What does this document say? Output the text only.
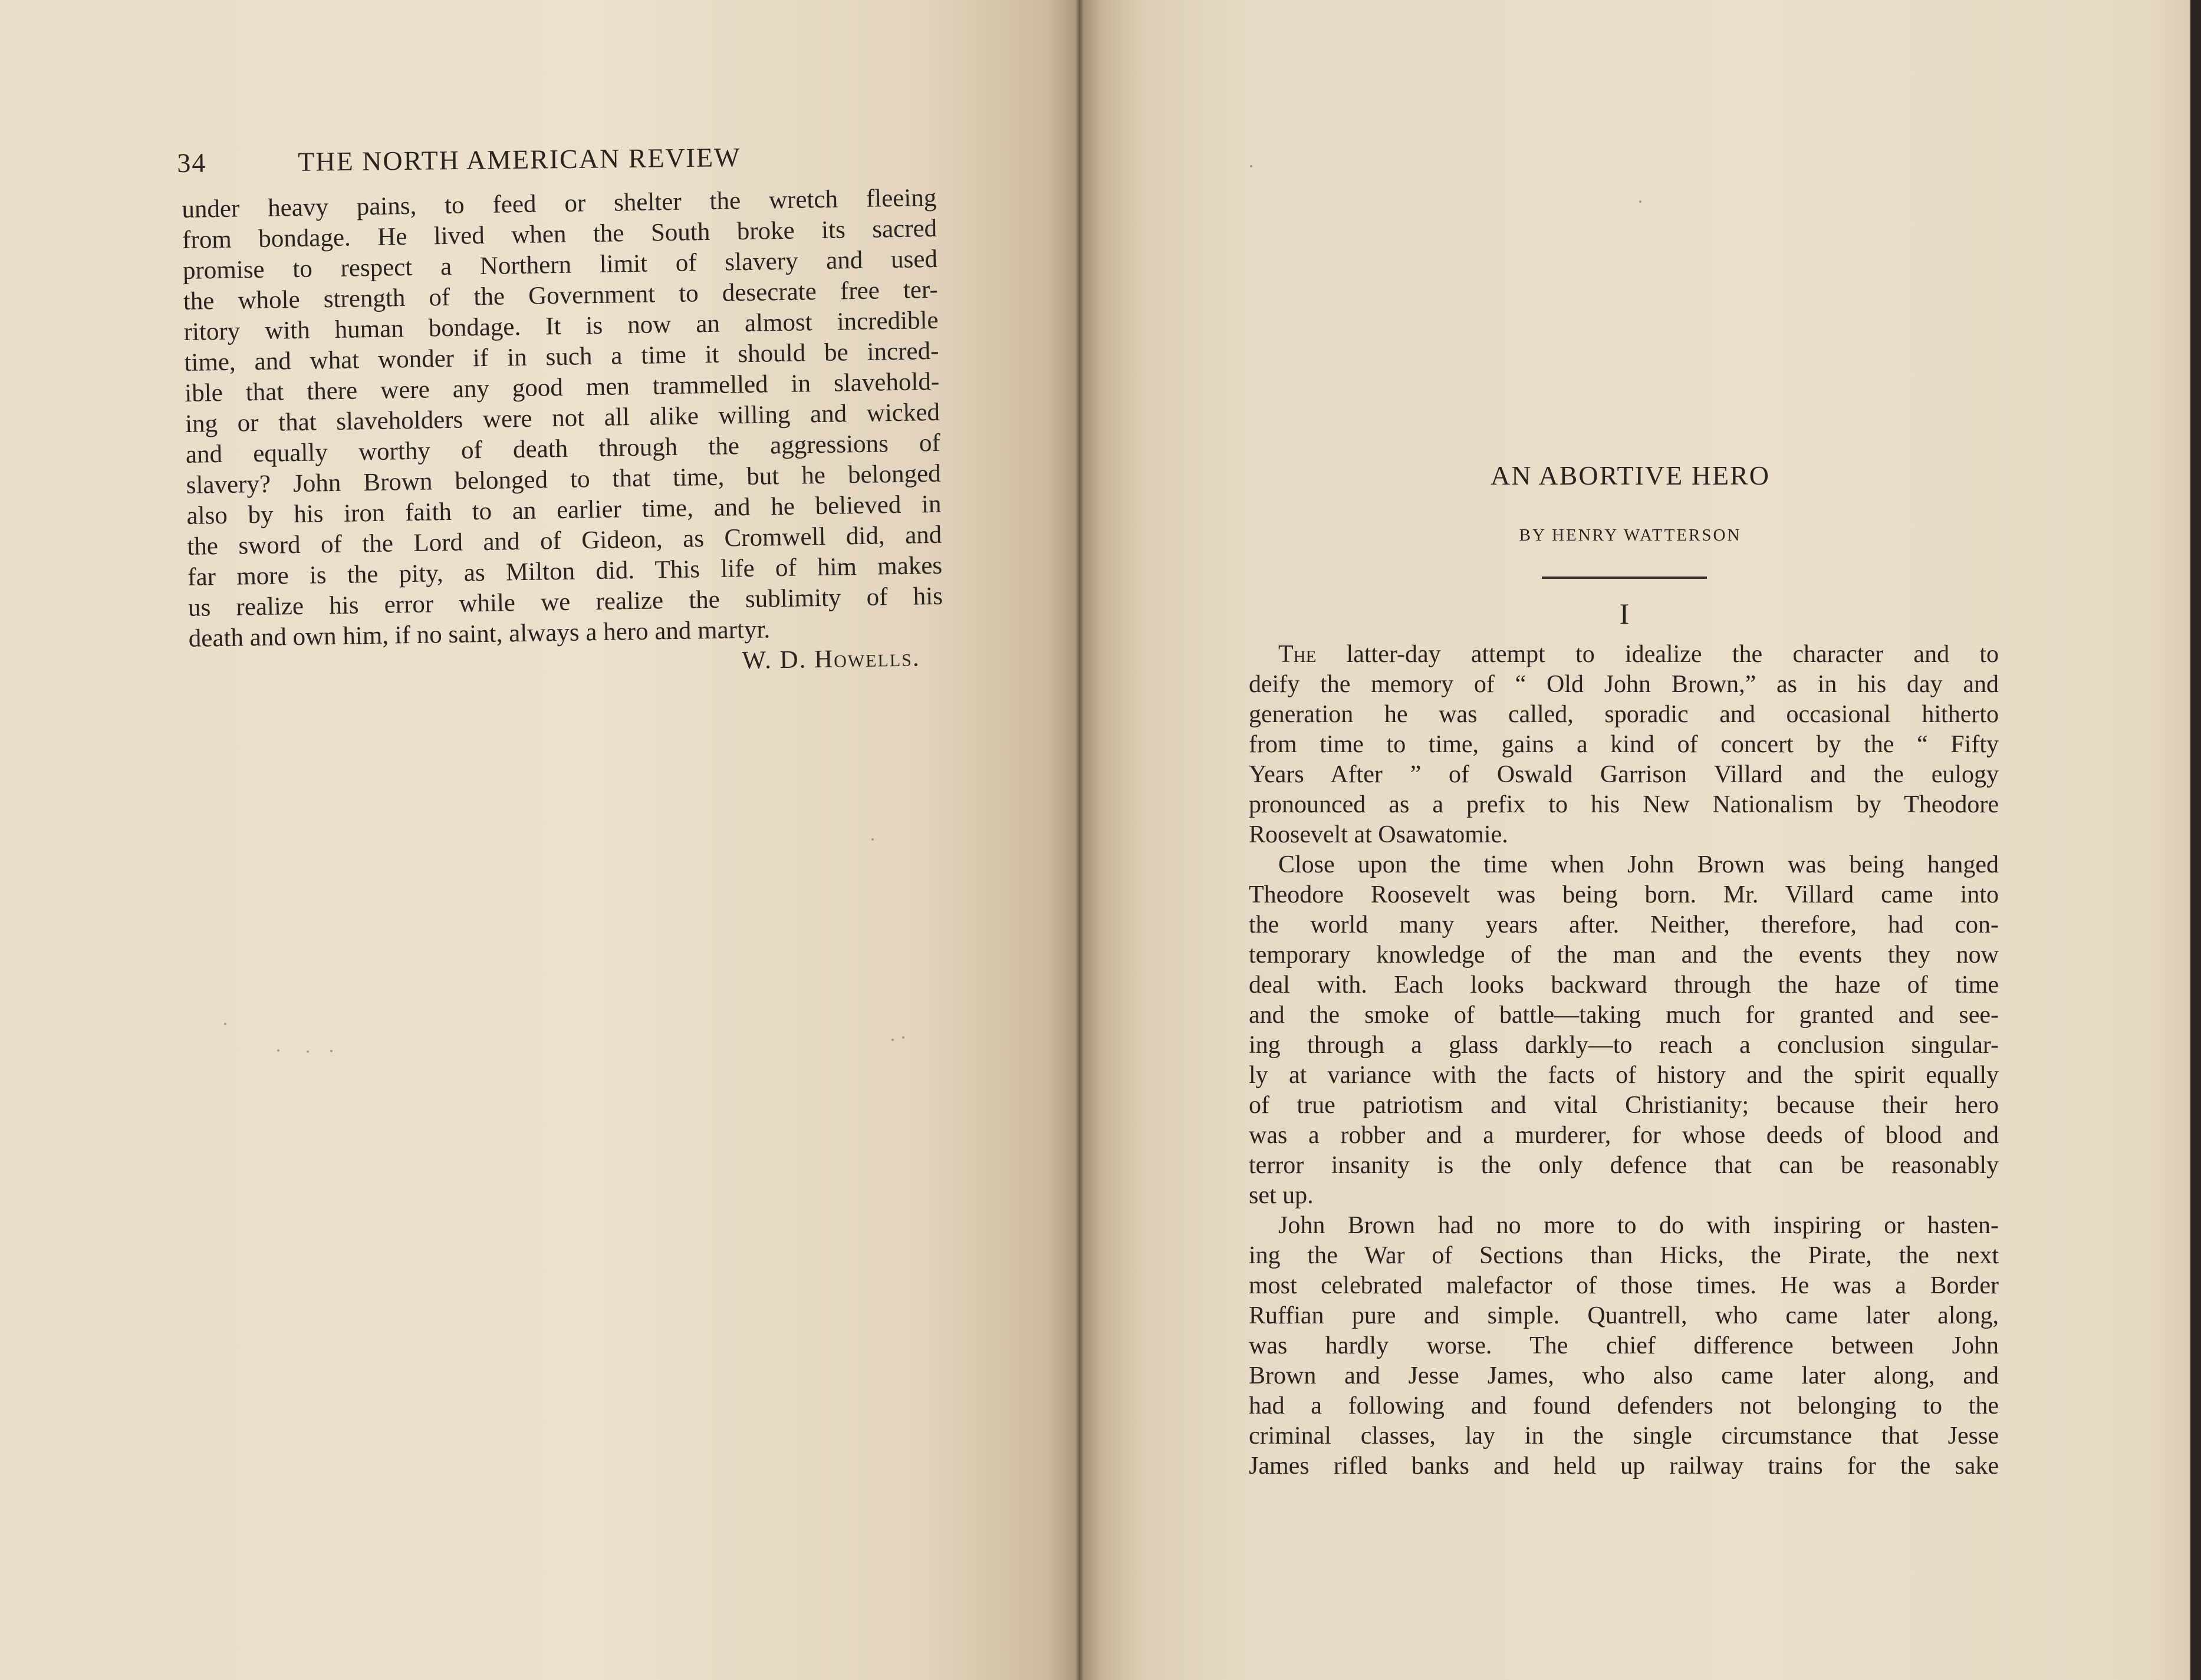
34	THE NORTH AMERICAN REVIEW
under heavy pains, to feed or shelter the wretch fleeing
from bondage. He lived when the South broke its sacred
promise to respect a Northern limit of slavery and used
the whole strength of the Government to desecrate free ter-
ritory with human bondage. It is now an almost incredible
time, and what wonder if in such a time it should be incred-
ible that there were any good men trammelled in slavehold-
ing or that slaveholders were not all alike willing and wicked
and equally worthy of death through the aggressions of
slavery? John Brown belonged to that time, but he belonged
also by his iron faith to an earlier time, and he believed in
the sword of the Lord and of Gideon, as Cromwell did, and
far more is the pity, as Milton did. This life of him makes
us realize his error while we realize the sublimity of his
death and own him, if no saint, always a hero and martyr.
W. D. Howells.
AN ABORTIVE HERO
BY HENRY WATTERSON
I
The latter-day attempt to idealize the character and to
deify the memory of “ Old John Brown,” as in his day and
generation he was called, sporadic and occasional hitherto
from time to time, gains a kind of concert by the “ Fifty
Years After ” of Oswald Garrison Villard and the eulogy
pronounced as a prefix to his New Nationalism by Theodore
Roosevelt at Osawatomie.
Close upon the time when John Brown was being hanged
Theodore Roosevelt was being born. Mr. Villard came into
the world many years after. Neither, therefore, had con-
temporary knowledge of the man and the events they now
deal with. Each looks backward through the haze of time
and the smoke of battle—taking much for granted and see-
ing through a glass darkly—to reach a conclusion singular-
ly at variance with the facts of history and the spirit equally
of true patriotism and vital Christianity; because their hero
was a robber and a murderer, for whose deeds of blood and
terror insanity is the only defence that can be reasonably
set up.
John Brown had no more to do with inspiring or hasten-
ing the War of Sections than Hicks, the Pirate, the next
most celebrated malefactor of those times. He was a Border
Ruffian pure and simple. Quantrell, who came later along,
was hardly worse. The chief difference between John
Brown and Jesse James, who also came later along, and
had a following and found defenders not belonging to the
criminal classes, lay in the single circumstance that Jesse
James rifled banks and held up railway trains for the sake
